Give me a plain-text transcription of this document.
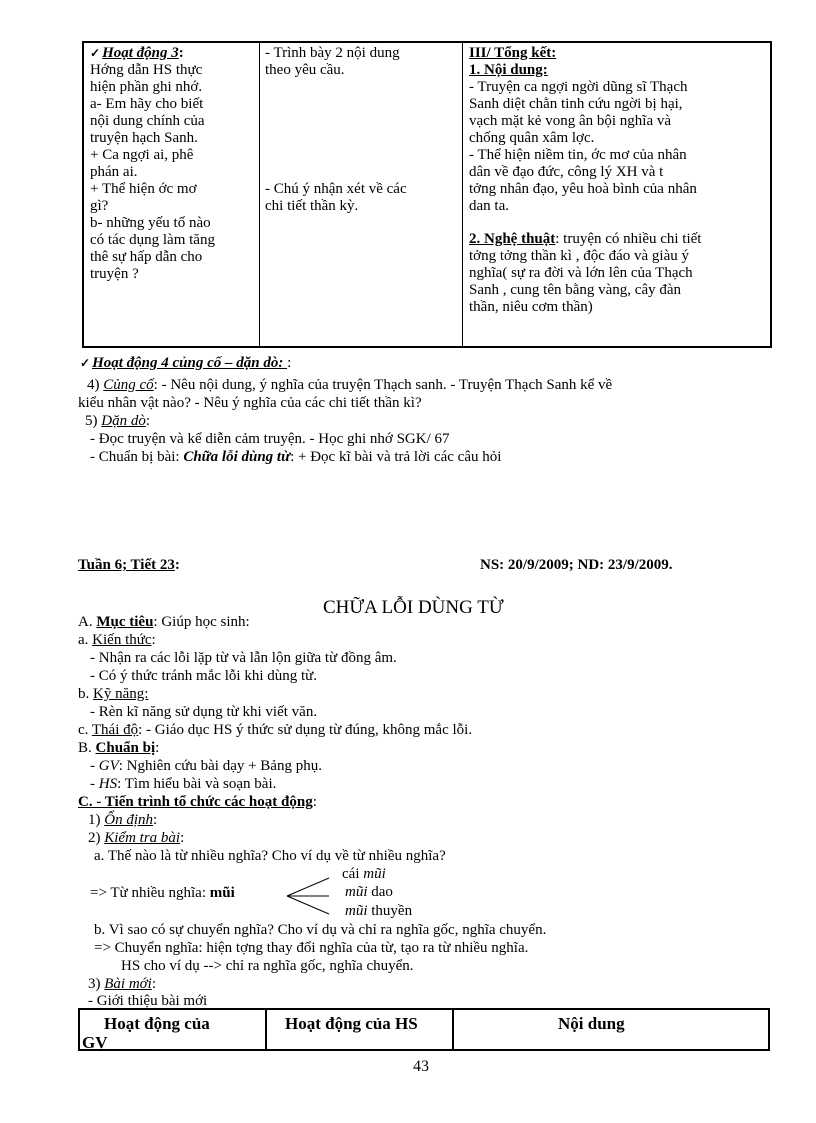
✓ Hoạt động 3:
Hớng dẫn HS thực
hiện phần ghi nhớ.
a- Em hãy cho biết
nội dung chính của
truyện hạch Sanh.
+ Ca ngợi ai, phê
phán ai.
+ Thể hiện ớc mơ
gì?
b- những yếu tố nào
có tác dụng làm tăng
thê sự hấp dẫn cho
truyện ?
- Trình bày 2 nội dung
theo yêu cầu.
- Chú ý nhận xét về các
chi tiết thần kỳ.
III/ Tổng kết:
1. Nội dung:
- Truyện ca ngợi ngời dũng sĩ Thạch
Sanh diệt chằn tinh cứu ngời bị hại,
vạch mặt kẻ vong ân bội nghĩa và
chống quân xâm lợc.
- Thể hiện niềm tin, ớc mơ của nhân
dân về đạo đức, công lý XH và t
tởng nhân đạo, yêu hoà bình của nhân
dan ta.
2. Nghệ thuật: truyện có nhiều chi tiết
tởng tởng thần kì , độc đáo và giàu ý
nghĩa( sự ra đời và lớn lên của Thạch
Sanh , cung tên bằng vàng, cây đàn
thần, niêu cơm thần)
✓ Hoạt động 4 củng cố – dặn dò: :
4) Củng cố: - Nêu nội dung, ý nghĩa của truyện Thạch sanh. - Truyện Thạch Sanh kể về
kiểu nhân vật nào? - Nêu ý nghĩa của các chi tiết thần kì?
5) Dặn dò:
- Đọc truyện và kể diễn cảm truyện. - Học ghi nhớ SGK/ 67
- Chuẩn bị bài: Chữa lỗi dùng từ: + Đọc kĩ bài và trả lời các câu hỏi
Tuần 6; Tiết 23:	NS: 20/9/2009; ND: 23/9/2009.
CHỮA LỖI DÙNG TỪ
A. Mục tiêu: Giúp học sinh:
a. Kiến thức:
- Nhận ra các lỗi lặp từ và lẫn lộn giữa từ đồng âm.
- Có ý thức tránh mắc lỗi khi dùng từ.
b. Kỹ năng:
- Rèn kĩ năng sử dụng từ khi viết văn.
c. Thái độ: - Giáo dục HS ý thức sử dụng từ đúng, không mắc lỗi.
B. Chuẩn bị:
- GV: Nghiên cứu bài dạy + Bảng phụ.
- HS: Tìm hiểu bài và soạn bài.
C. - Tiến trình tổ chức các hoạt động:
1) Ổn định:
2) Kiểm tra bài:
a. Thế nào là từ nhiều nghĩa? Cho ví dụ về từ nhiều nghĩa?
=> Từ nhiều nghĩa: mũi
cái mũi
mũi dao
mũi thuyền
b. Vì sao có sự chuyển nghĩa? Cho ví dụ và chỉ ra nghĩa gốc, nghĩa chuyển.
=> Chuyển nghĩa: hiện tợng thay đổi nghĩa của từ, tạo ra từ nhiều nghĩa.
HS cho ví dụ --> chỉ ra nghĩa gốc, nghĩa chuyển.
3) Bài mới:
- Giới thiệu bài mới
Hoạt động của
GV
Hoạt động của HS	Nội dung
43
